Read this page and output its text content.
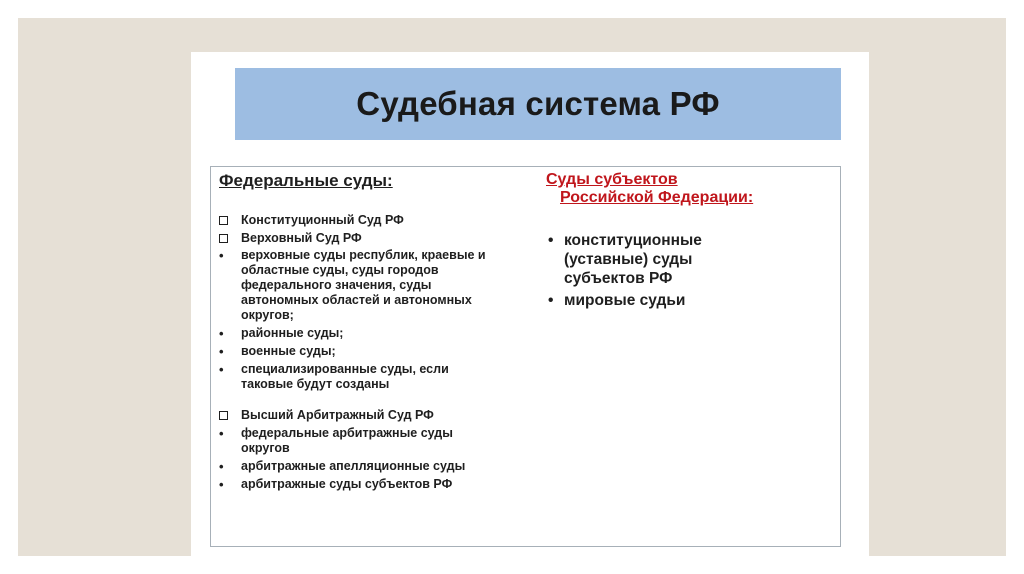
Судебная система РФ

Федеральные суды:

Конституционный Суд РФ
Верховный Суд РФ
•
верховные суды республик, краевые и областные суды, суды городов федерального значения, суды автономных областей и автономных округов;
•
районные суды;
•
военные суды;
•
специализированные суды, если таковые будут созданы
Высший Арбитражный Суд РФ
•
федеральные арбитражные суды округов
•
арбитражные апелляционные суды
•
арбитражные суды субъектов РФ

Суды субъектов
Российской Федерации:

• конституционные (уставные) суды субъектов РФ
• мировые судьи
